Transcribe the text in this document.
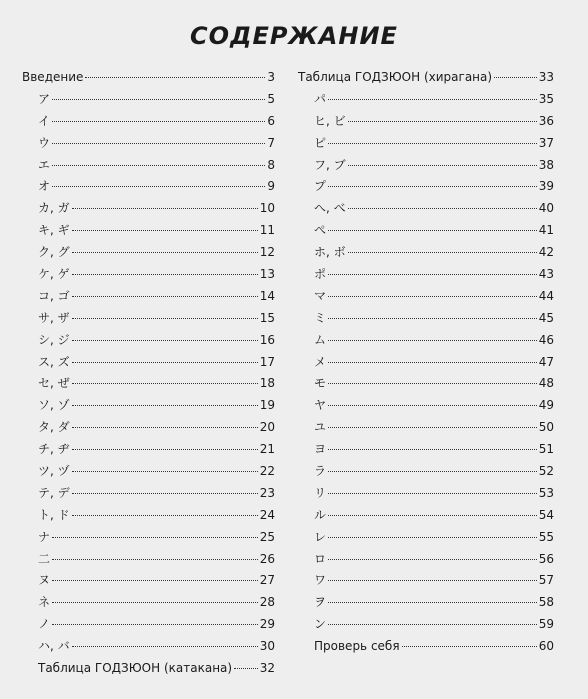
СОДЕРЖАНИЕ
Введение	3
ア	5
イ	6
ウ	7
エ	8
オ	9
カ, ガ	10
キ, ギ	11
ク, グ	12
ケ, ゲ	13
コ, ゴ	14
サ, ザ	15
シ, ジ	16
ス, ズ	17
セ, ぜ	18
ソ, ゾ	19
タ, ダ	20
チ, ヂ	21
ツ, ヅ	22
テ, デ	23
ト, ド	24
ナ	25
二	26
ヌ	27
ネ	28
ノ	29
ハ, バ	30
Таблица ГОДЗЮОН (катакана) 32
Таблица ГОДЗЮОН (хирагана)	33
パ	35
ヒ, ビ	36
ピ	37
フ, ブ	38
プ	39
へ, べ	40
ぺ	41
ホ, ボ	42
ポ	43
マ	44
ミ	45
ム	46
メ	47
モ	48
ヤ	49
ユ	50
ヨ	51
ラ	52
リ	53
ル	54
レ	55
ロ	56
ワ	57
ヲ	58
ン	59
Проверь себя	60
